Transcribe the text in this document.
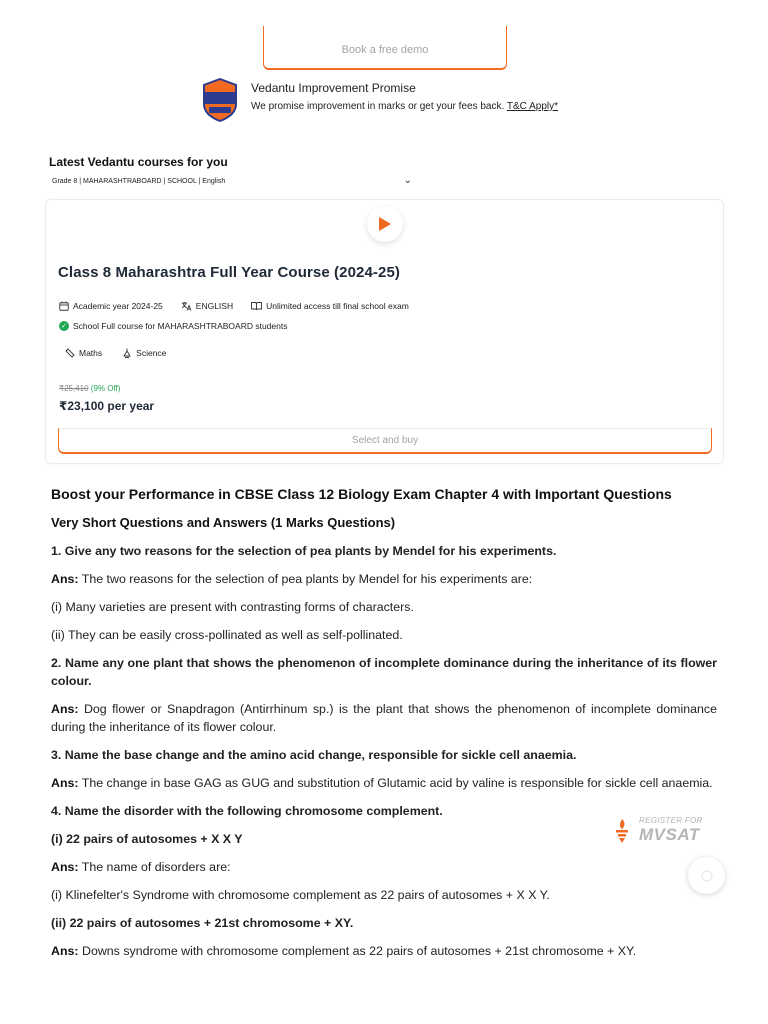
Book a free demo
Vedantu Improvement Promise
We promise improvement in marks or get your fees back. T&C Apply*
Latest Vedantu courses for you
Grade 8 | MAHARASHTRABOARD | SCHOOL | English	⌄
Class 8 Maharashtra Full Year Course (2024-25)
Academic year 2024-25	ENGLISH	Unlimited access till final school exam
✓ School Full course for MAHARASHTRABOARD students
Maths	Science
₹25,410 (9% Off)
₹23,100 per year
Select and buy
Boost your Performance in CBSE Class 12 Biology Exam Chapter 4 with Important Questions
Very Short Questions and Answers (1 Marks Questions)

1. Give any two reasons for the selection of pea plants by Mendel for his experiments.

Ans: The two reasons for the selection of pea plants by Mendel for his experiments are:

(i) Many varieties are present with contrasting forms of characters.

(ii) They can be easily cross-pollinated as well as self-pollinated.

2. Name any one plant that shows the phenomenon of incomplete dominance during the inheritance of its flower colour.

Ans: Dog flower or Snapdragon (Antirrhinum sp.) is the plant that shows the phenomenon of incomplete dominance during the inheritance of its flower colour.

3. Name the base change and the amino acid change, responsible for sickle cell anaemia.

Ans: The change in base GAG as GUG and substitution of Glutamic acid by valine is responsible for sickle cell anaemia.

4. Name the disorder with the following chromosome complement.

(i) 22 pairs of autosomes + X X Y

Ans: The name of disorders are:

(i) Klinefelter's Syndrome with chromosome complement as 22 pairs of autosomes + X X Y.

(ii) 22 pairs of autosomes + 21st chromosome + XY.

Ans: Downs syndrome with chromosome complement as 22 pairs of autosomes + 21st chromosome + XY.

REGISTER FOR
MVSAT
